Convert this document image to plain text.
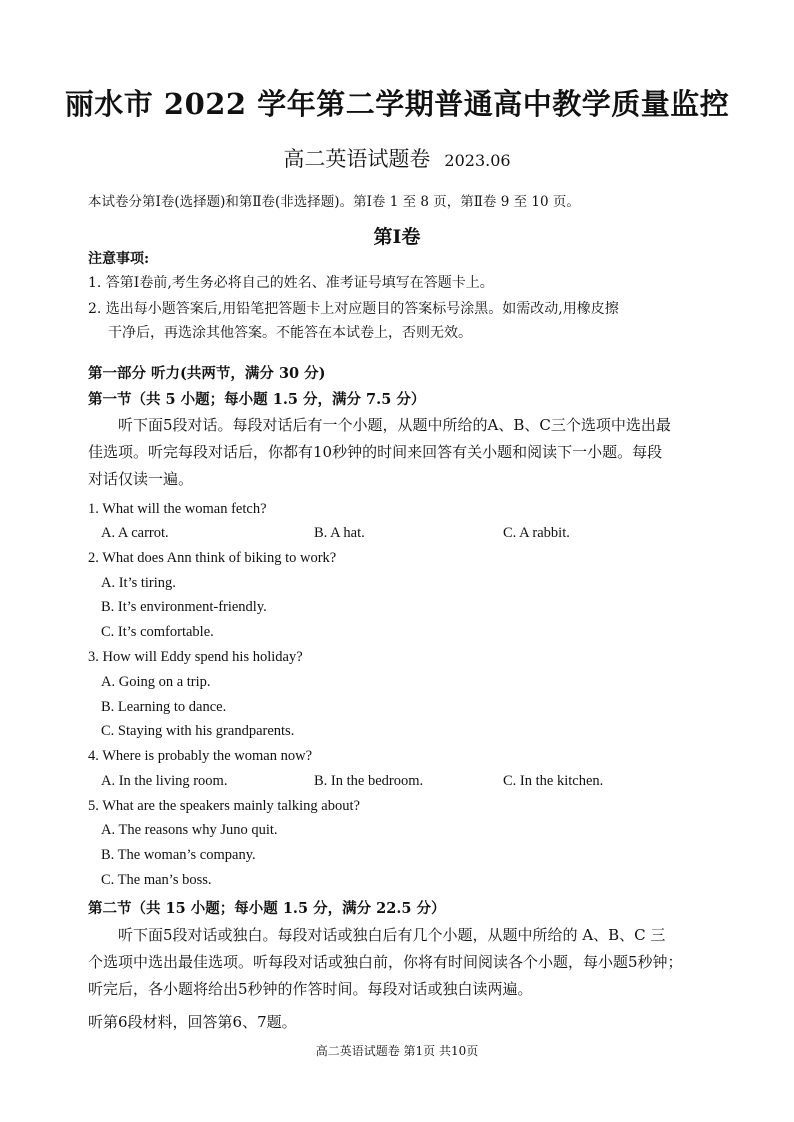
丽水市 2022 学年第二学期普通高中教学质量监控
高二英语试题卷 2023.06
本试卷分第Ⅰ卷(选择题)和第Ⅱ卷(非选择题)。第Ⅰ卷 1 至 8 页，第Ⅱ卷 9 至 10 页。
第Ⅰ卷
注意事项:
1. 答第Ⅰ卷前,考生务必将自己的姓名、准考证号填写在答题卡上。
2. 选出每小题答案后,用铅笔把答题卡上对应题目的答案标号涂黑。如需改动,用橡皮擦
干净后，再选涂其他答案。不能答在本试卷上，否则无效。
第一部分 听力(共两节，满分 30 分)
第一节（共 5 小题；每小题 1.5 分，满分 7.5 分）
听下面5段对话。每段对话后有一个小题，从题中所给的A、B、C三个选项中选出最
佳选项。听完每段对话后，你都有10秒钟的时间来回答有关小题和阅读下一小题。每段
对话仅读一遍。
1. What will the woman fetch?
A. A carrot.	B. A hat.	C. A rabbit.
2. What does Ann think of biking to work?
A. It’s tiring.
B. It’s environment-friendly.
C. It’s comfortable.
3. How will Eddy spend his holiday?
A. Going on a trip.
B. Learning to dance.
C. Staying with his grandparents.
4. Where is probably the woman now?
A. In the living room.	B. In the bedroom.	C. In the kitchen.
5. What are the speakers mainly talking about?
A. The reasons why Juno quit.
B. The woman’s company.
C. The man’s boss.
第二节（共 15 小题；每小题 1.5 分，满分 22.5 分）
听下面5段对话或独白。每段对话或独白后有几个小题，从题中所给的 A、B、C 三
个选项中选出最佳选项。听每段对话或独白前，你将有时间阅读各个小题，每小题5秒钟；
听完后，各小题将给出5秒钟的作答时间。每段对话或独白读两遍。
听第6段材料，回答第6、7题。
高二英语试题卷 第1页 共10页
